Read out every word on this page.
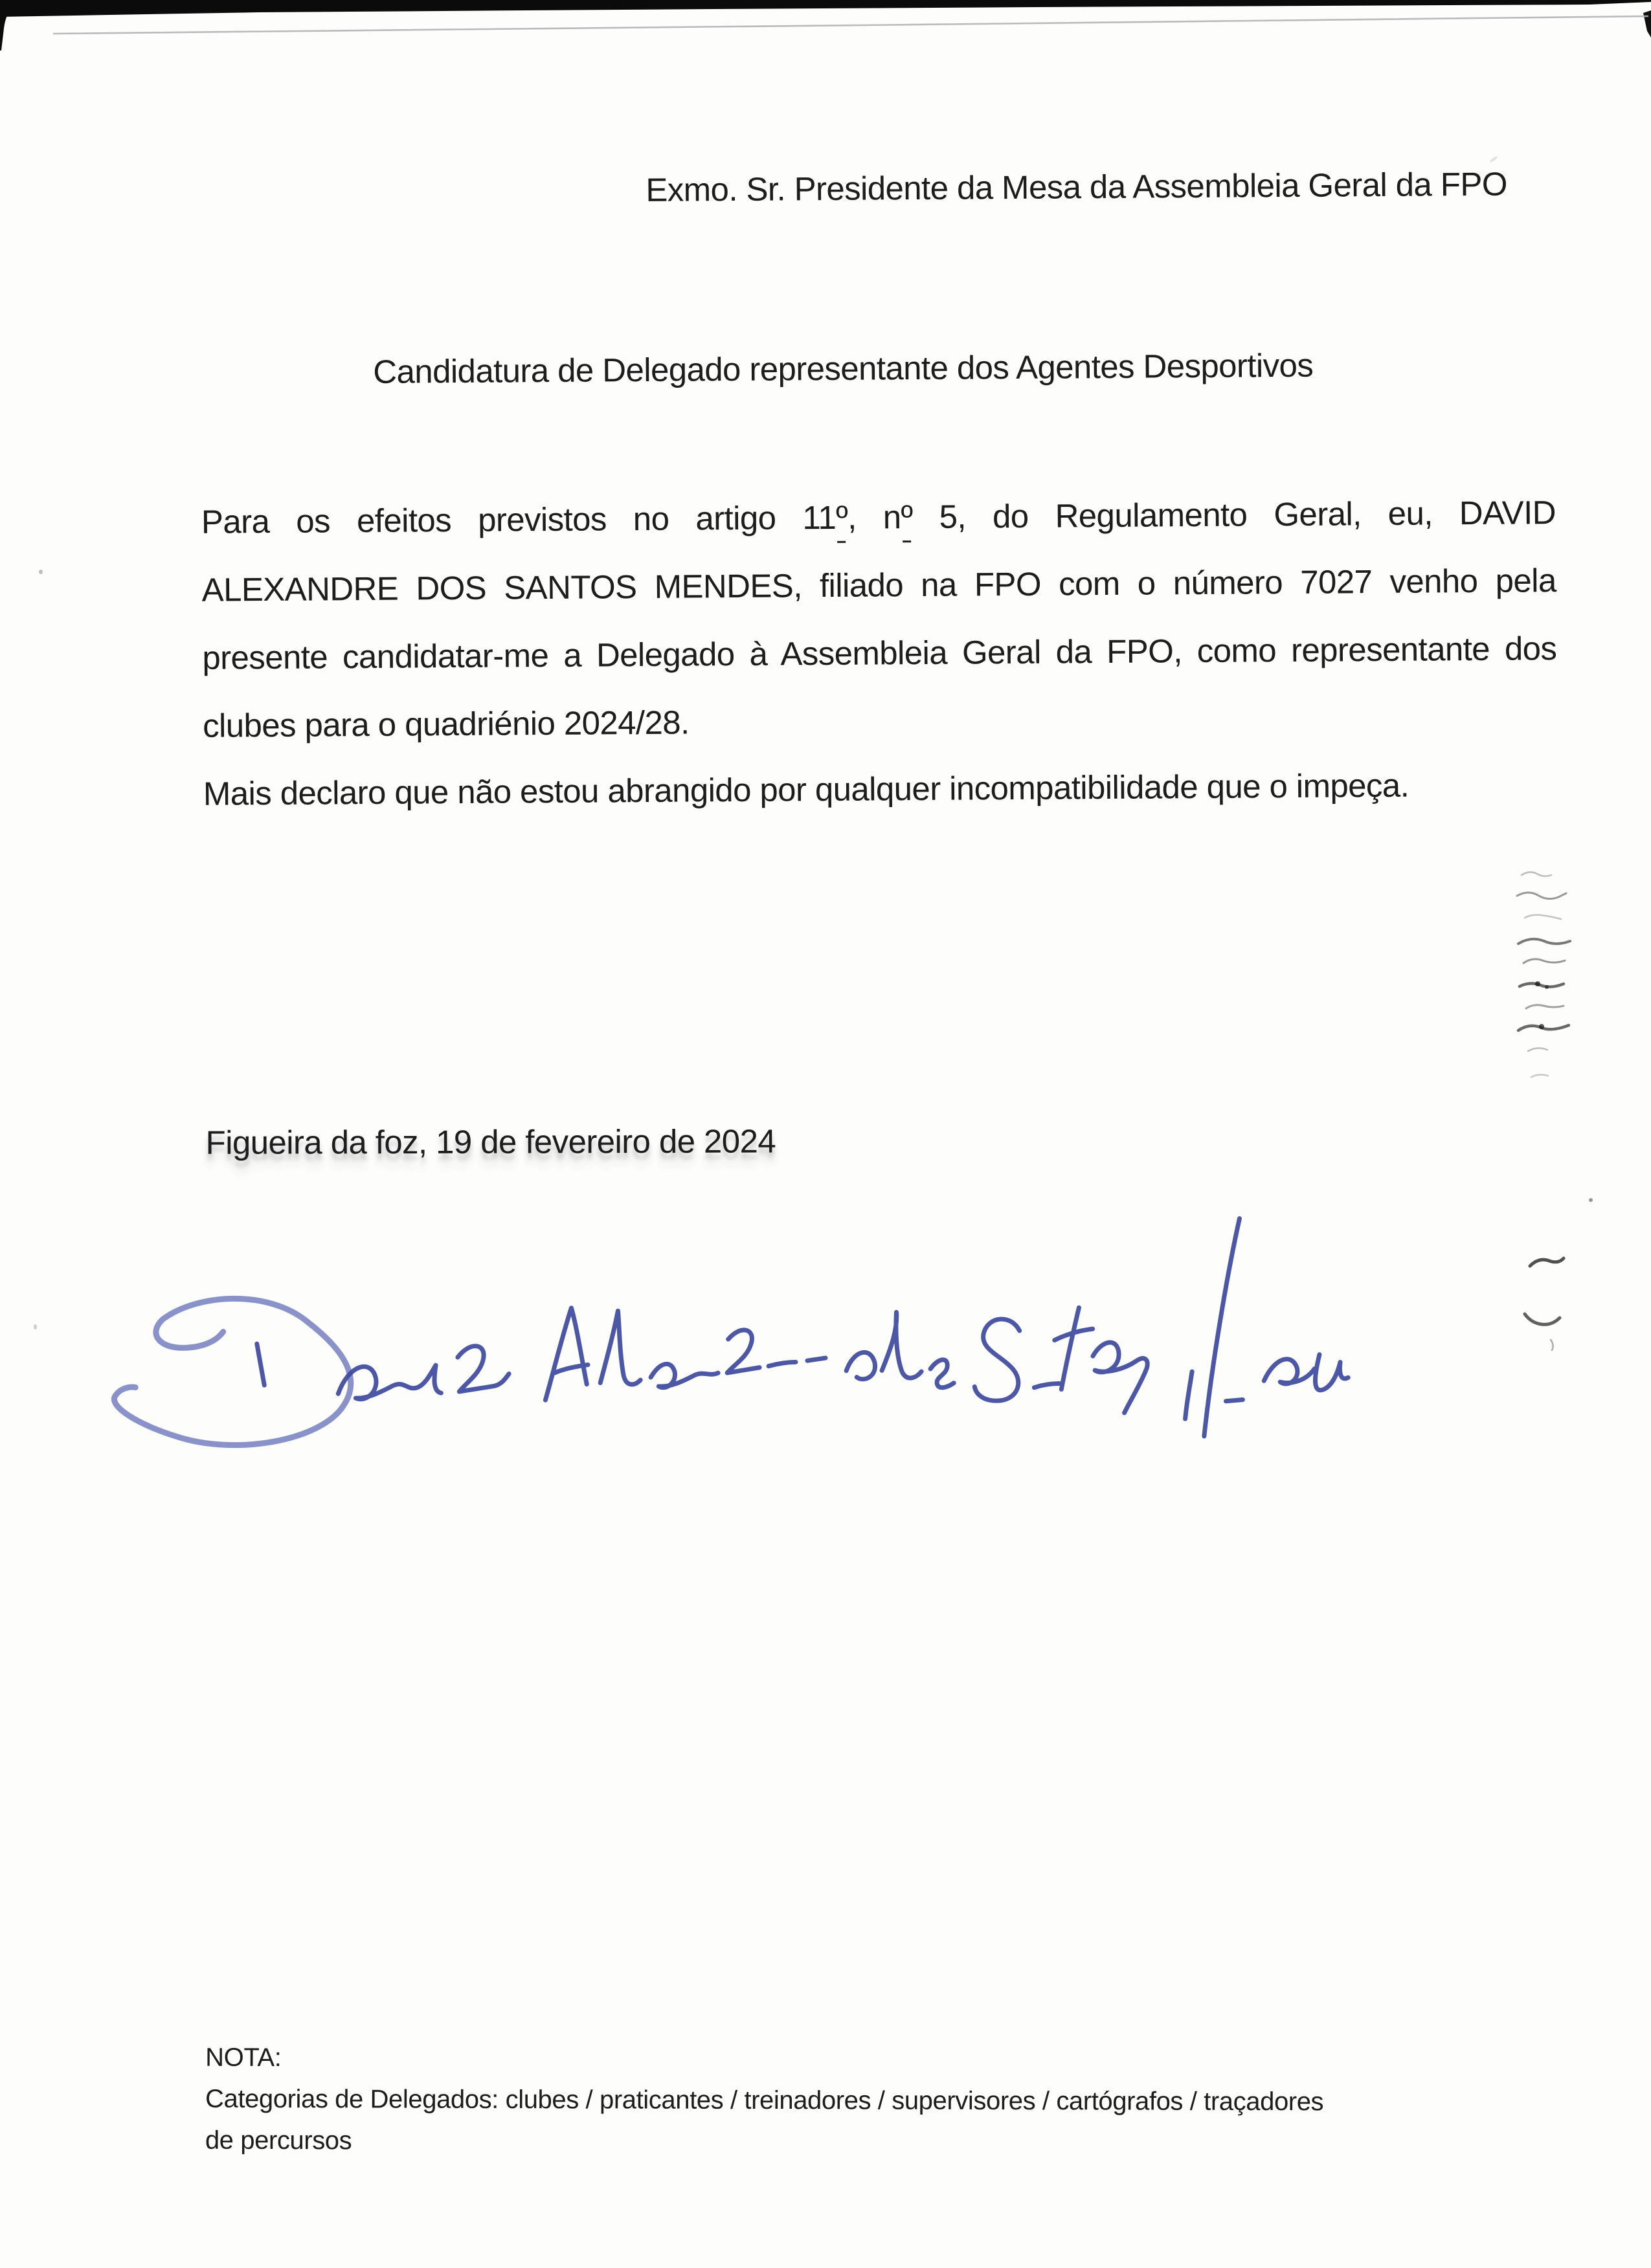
Exmo. Sr. Presidente da Mesa da Assembleia Geral da FPO
Candidatura de Delegado representante dos Agentes Desportivos
Para os efeitos previstos no artigo 11º, nº 5, do Regulamento Geral, eu, DAVID
ALEXANDRE DOS SANTOS MENDES, filiado na FPO com o número 7027 venho pela
presente candidatar-me a Delegado à Assembleia Geral da FPO, como representante dos
clubes para o quadriénio 2024/28.
Mais declaro que não estou abrangido por qualquer incompatibilidade que o impeça.
Figueira da foz, 19 de fevereiro de 2024
NOTA:
Categorias de Delegados: clubes / praticantes / treinadores / supervisores / cartógrafos / traçadores
de percursos
